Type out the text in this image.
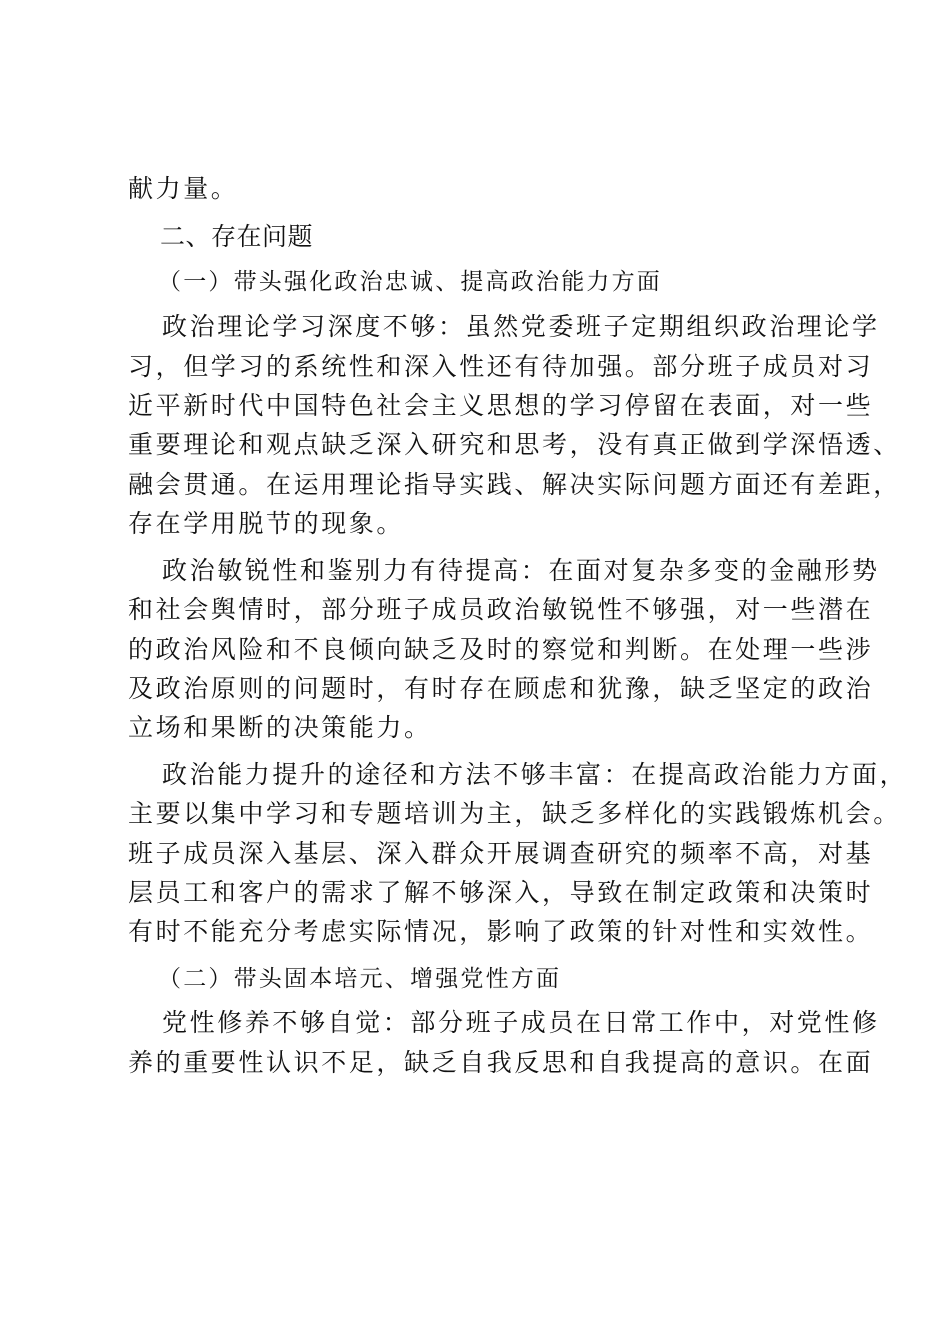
献力量。
二、存在问题
（一）带头强化政治忠诚、提高政治能力方面
政治理论学习深度不够：虽然党委班子定期组织政治理论学
习，但学习的系统性和深入性还有待加强。部分班子成员对习
近平新时代中国特色社会主义思想的学习停留在表面，对一些
重要理论和观点缺乏深入研究和思考，没有真正做到学深悟透、
融会贯通。在运用理论指导实践、解决实际问题方面还有差距，
存在学用脱节的现象。
政治敏锐性和鉴别力有待提高：在面对复杂多变的金融形势
和社会舆情时，部分班子成员政治敏锐性不够强，对一些潜在
的政治风险和不良倾向缺乏及时的察觉和判断。在处理一些涉
及政治原则的问题时，有时存在顾虑和犹豫，缺乏坚定的政治
立场和果断的决策能力。
政治能力提升的途径和方法不够丰富：在提高政治能力方面，
主要以集中学习和专题培训为主，缺乏多样化的实践锻炼机会。
班子成员深入基层、深入群众开展调查研究的频率不高，对基
层员工和客户的需求了解不够深入，导致在制定政策和决策时
有时不能充分考虑实际情况，影响了政策的针对性和实效性。
（二）带头固本培元、增强党性方面
党性修养不够自觉：部分班子成员在日常工作中，对党性修
养的重要性认识不足，缺乏自我反思和自我提高的意识。在面
